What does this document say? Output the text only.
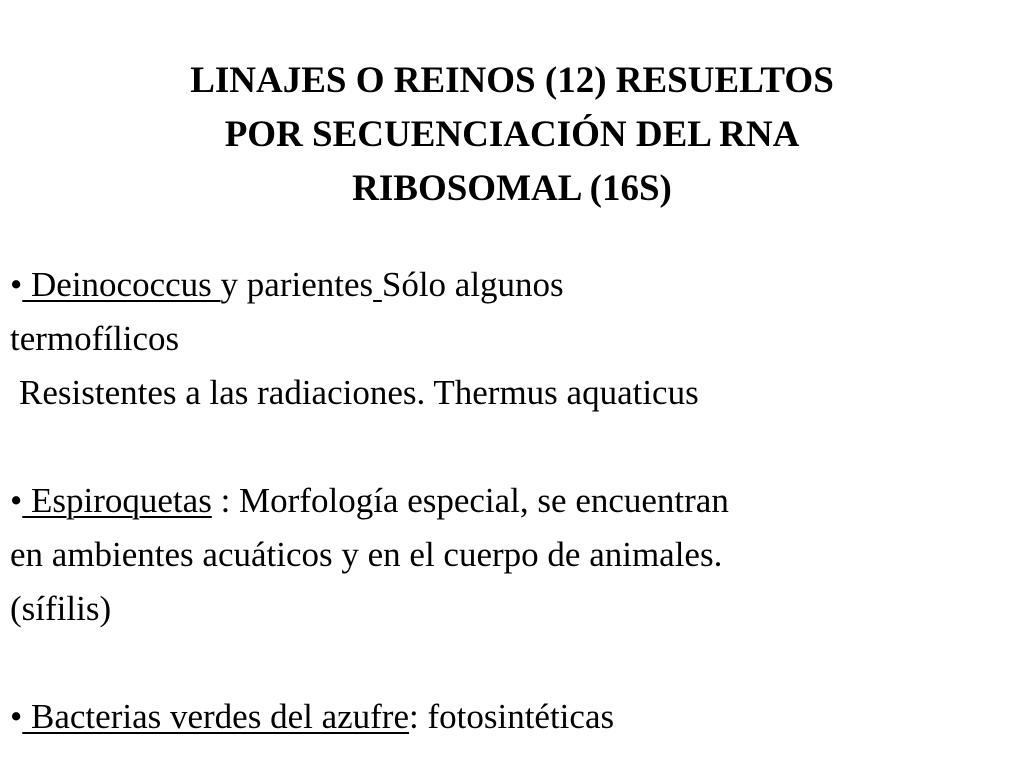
LINAJES O REINOS (12) RESUELTOS
POR SECUENCIACIÓN DEL RNA
RIBOSOMAL (16S)
• Deinococcus y parientes Sólo algunos
termofílicos
Resistentes a las radiaciones. Thermus aquaticus
• Espiroquetas : Morfología especial, se encuentran
en ambientes acuáticos y en el cuerpo de animales.
(sífilis)
• Bacterias verdes del azufre: fotosintéticas
